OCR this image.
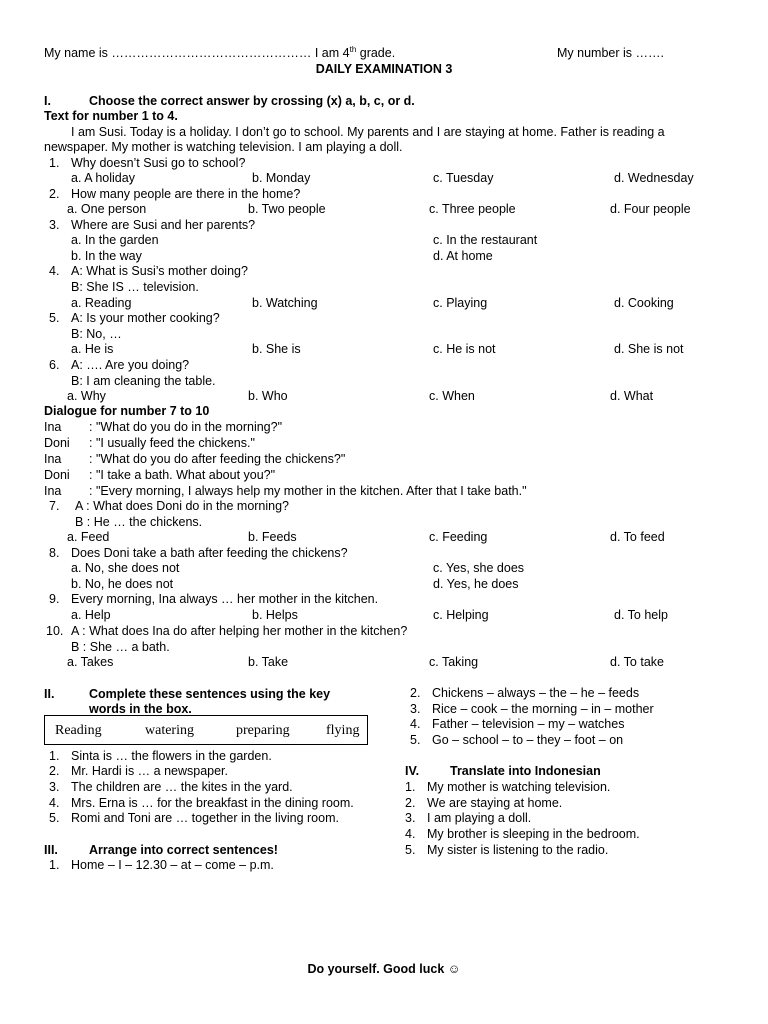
My name is ………………………………………… I am 4th grade.	My number is …….
DAILY EXAMINATION 3
I.	Choose the correct answer by crossing (x) a, b, c, or d.
Text for number 1 to 4.
I am Susi. Today is a holiday. I don’t go to school. My parents and I are staying at home. Father is reading a
newspaper. My mother is watching television. I am playing a doll.
1. Why doesn’t Susi go to school?
a. A holiday	b. Monday	c. Tuesday	d. Wednesday
2. How many people are there in the home?
a. One person	b. Two people	c. Three people	d. Four people
3. Where are Susi and her parents?
a. In the garden	c. In the restaurant
b. In the way	d. At home
4. A: What is Susi’s mother doing?
B: She IS … television.
a. Reading	b. Watching	c. Playing	d. Cooking
5. A: Is your mother cooking?
B: No, …
a. He is	b. She is	c. He is not	d. She is not
6. A: …. Are you doing?
B: I am cleaning the table.
a. Why	b. Who	c. When	d. What
Dialogue for number 7 to 10
Ina : "What do you do in the morning?"
Doni : "I usually feed the chickens."
Ina : "What do you do after feeding the chickens?"
Doni : "I take a bath. What about you?"
Ina : "Every morning, I always help my mother in the kitchen. After that I take bath."
7. A : What does Doni do in the morning?
B : He … the chickens.
a. Feed	b. Feeds	c. Feeding	d. To feed
8. Does Doni take a bath after feeding the chickens?
a. No, she does not	c. Yes, she does
b. No, he does not	d. Yes, he does
9. Every morning, Ina always … her mother in the kitchen.
a. Help	b. Helps	c. Helping	d. To help
10. A : What does Ina do after helping her mother in the kitchen?
B : She … a bath.
a. Takes	b. Take	c. Taking	d. To take
II.	Complete these sentences using the key
words in the box.
Reading	watering	preparing	flying
1. Sinta is … the flowers in the garden.
2. Mr. Hardi is … a newspaper.
3. The children are … the kites in the yard.
4. Mrs. Erna is … for the breakfast in the dining room.
5. Romi and Toni are … together in the living room.
III. Arrange into correct sentences!
1. Home – I – 12.30 – at – come – p.m.
2. Chickens – always – the – he – feeds
3. Rice – cook – the morning – in – mother
4. Father – television – my – watches
5. Go – school – to – they – foot – on
IV. Translate into Indonesian
1. My mother is watching television.
2. We are staying at home.
3. I am playing a doll.
4. My brother is sleeping in the bedroom.
5. My sister is listening to the radio.
Do yourself. Good luck ☺
